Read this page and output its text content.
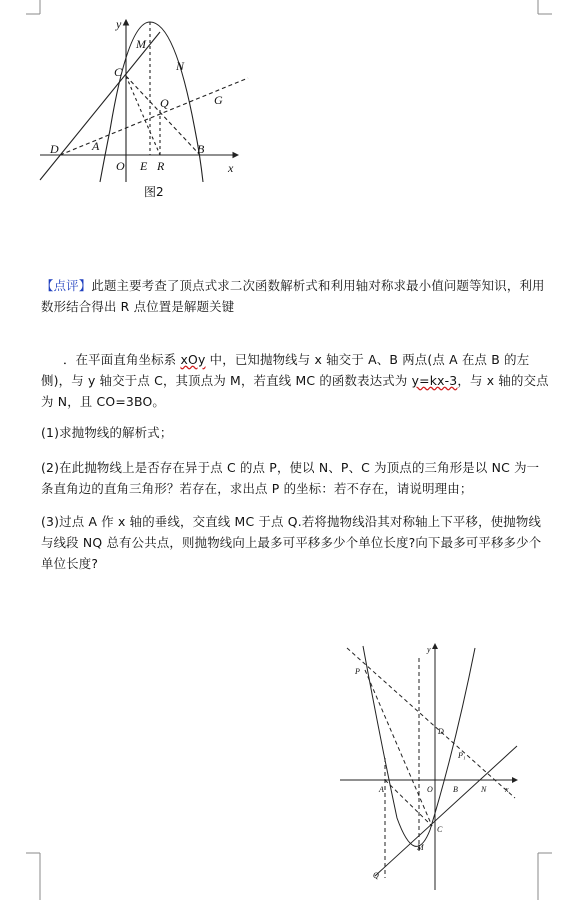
y
M
N
C
Q	G
D	A
O E R
B
x
图2

【点评】此题主要考查了顶点式求二次函数解析式和利用轴对称求最小值问题等知识，利用数形结合得出 R 点位置是解题关键

．在平面直角坐标系 xOy 中，已知抛物线与 x 轴交于 A、B 两点(点 A 在点 B 的左侧)，与 y 轴交于点 C，其顶点为 M，若直线 MC 的函数表达式为 y=kx-3，与 x 轴的交点为 N，且 CO=3BO。

(1)求抛物线的解析式；

(2)在此抛物线上是否存在异于点 C 的点 P，使以 N、P、C 为顶点的三角形是以 NC 为一条直角边的直角三角形？若存在，求出点 P 的坐标：若不存在，请说明理由；

(3)过点 A 作 x 轴的垂线，交直线 MC 于点 Q.若将抛物线沿其对称轴上下平移，使抛物线与线段 NQ 总有公共点，则抛物线向上最多可平移多少个单位长度?向下最多可平移多少个单位长度?

y
P
D
P₁
A	O	B	N x
C
M
Q
